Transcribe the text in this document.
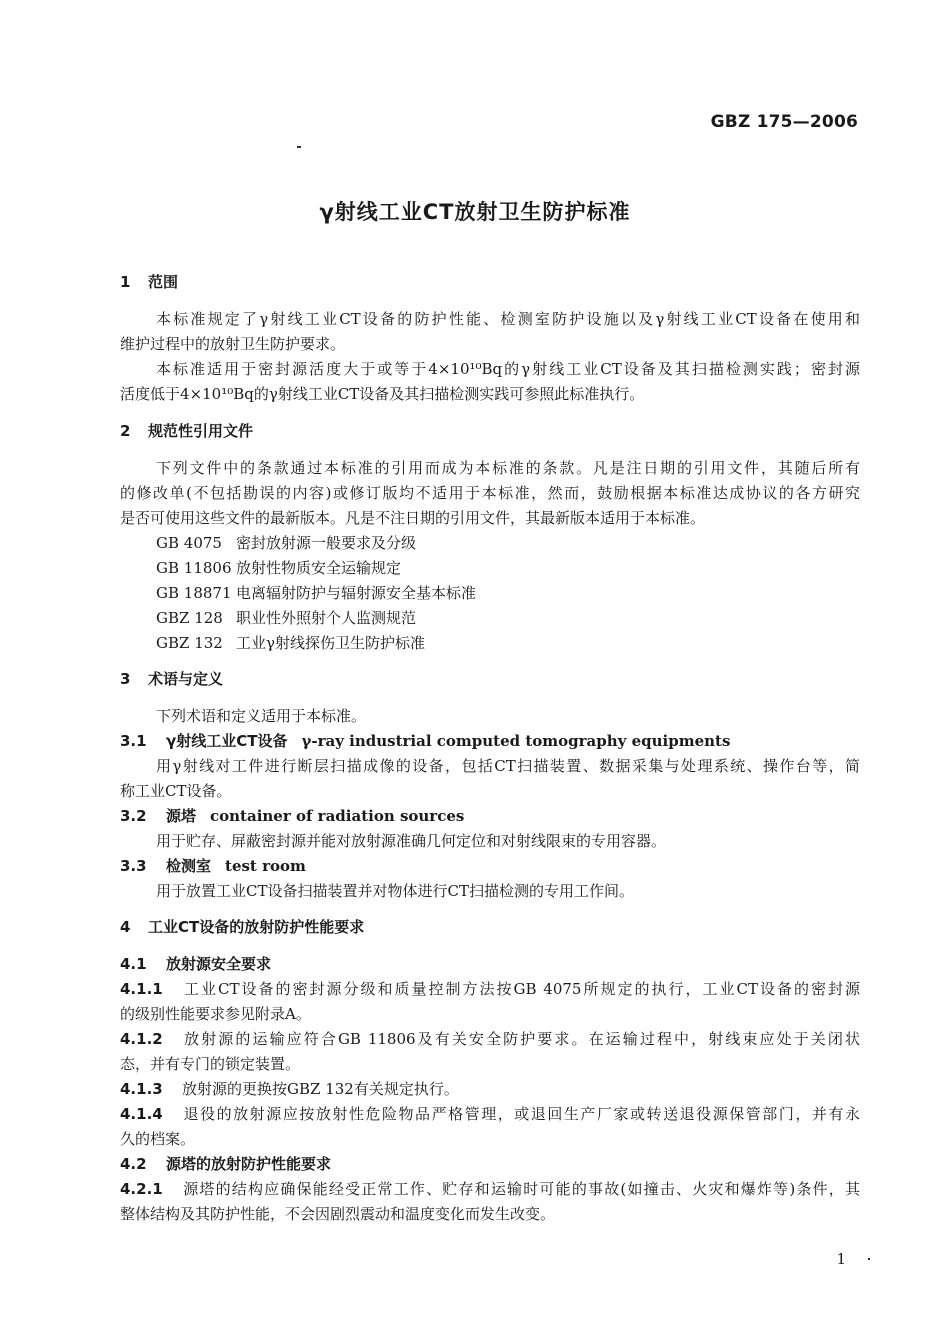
GBZ 175—2006
γ射线工业CT放射卫生防护标准
1 范围
本标准规定了γ射线工业CT设备的防护性能、检测室防护设施以及γ射线工业CT设备在使用和
维护过程中的放射卫生防护要求。
本标准适用于密封源活度大于或等于4×10¹⁰Bq的γ射线工业CT设备及其扫描检测实践；密封源
活度低于4×10¹⁰Bq的γ射线工业CT设备及其扫描检测实践可参照此标准执行。
2 规范性引用文件
下列文件中的条款通过本标准的引用而成为本标准的条款。凡是注日期的引用文件，其随后所有
的修改单(不包括勘误的内容)或修订版均不适用于本标准，然而，鼓励根据本标准达成协议的各方研究
是否可使用这些文件的最新版本。凡是不注日期的引用文件，其最新版本适用于本标准。
GB 4075 密封放射源一般要求及分级
GB 11806 放射性物质安全运输规定
GB 18871 电离辐射防护与辐射源安全基本标准
GBZ 128 职业性外照射个人监测规范
GBZ 132 工业γ射线探伤卫生防护标准
3 术语与定义
下列术语和定义适用于本标准。
3.1 γ射线工业CT设备 γ-ray industrial computed tomography equipments
用γ射线对工件进行断层扫描成像的设备，包括CT扫描装置、数据采集与处理系统、操作台等，简
称工业CT设备。
3.2 源塔 container of radiation sources
用于贮存、屏蔽密封源并能对放射源准确几何定位和对射线限束的专用容器。
3.3 检测室 test room
用于放置工业CT设备扫描装置并对物体进行CT扫描检测的专用工作间。
4 工业CT设备的放射防护性能要求
4.1 放射源安全要求
4.1.1 工业CT设备的密封源分级和质量控制方法按GB 4075所规定的执行，工业CT设备的密封源
的级别性能要求参见附录A。
4.1.2 放射源的运输应符合GB 11806及有关安全防护要求。在运输过程中，射线束应处于关闭状
态，并有专门的锁定装置。
4.1.3 放射源的更换按GBZ 132有关规定执行。
4.1.4 退役的放射源应按放射性危险物品严格管理，或退回生产厂家或转送退役源保管部门，并有永
久的档案。
4.2 源塔的放射防护性能要求
4.2.1 源塔的结构应确保能经受正常工作、贮存和运输时可能的事故(如撞击、火灾和爆炸等)条件，其
整体结构及其防护性能，不会因剧烈震动和温度变化而发生改变。
1
